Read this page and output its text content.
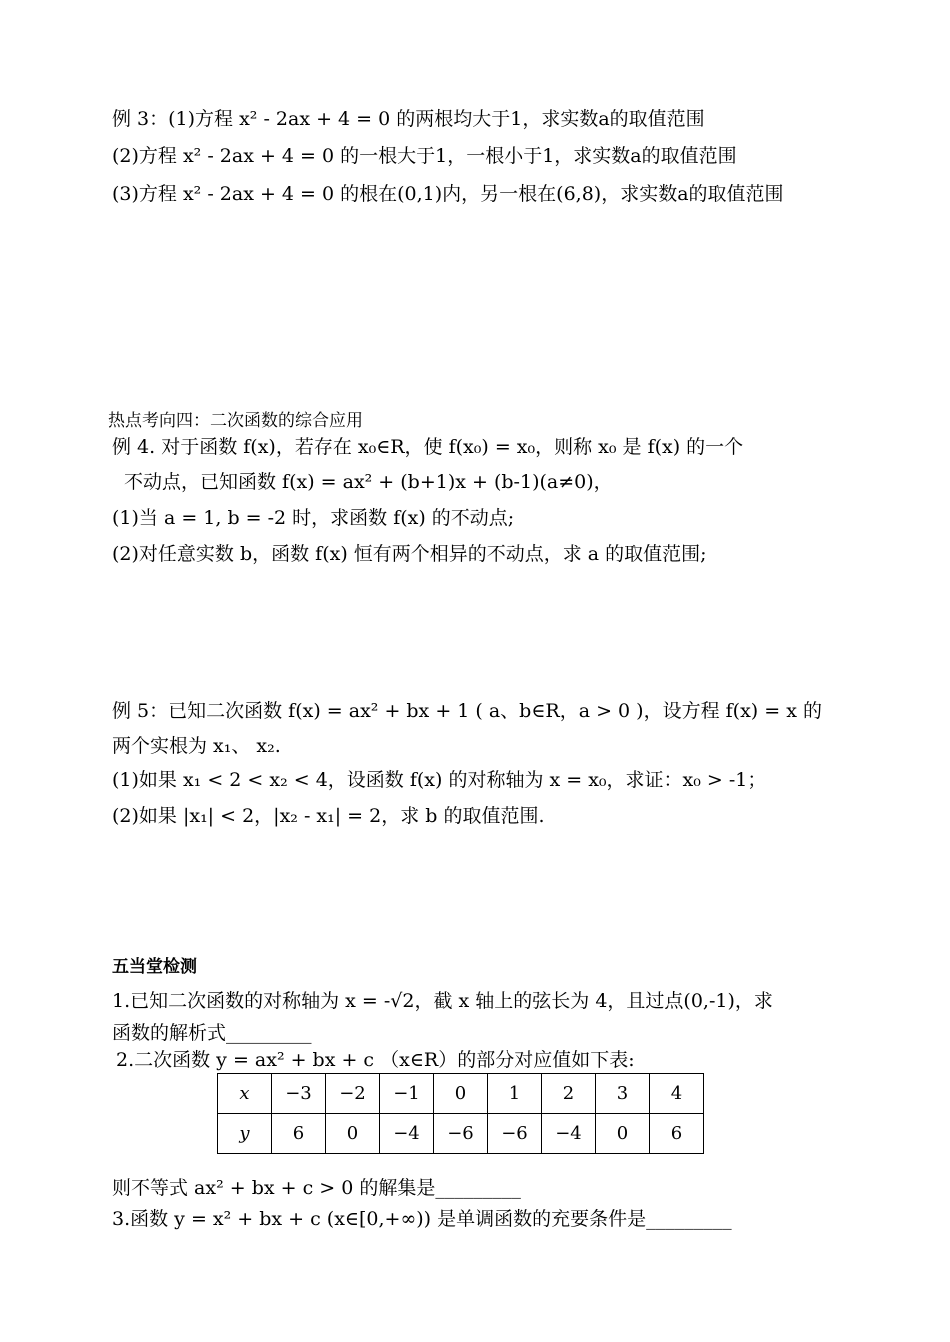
例 3：(1)方程 x² - 2ax + 4 = 0 的两根均大于1，求实数a的取值范围
(2)方程 x² - 2ax + 4 = 0 的一根大于1，一根小于1，求实数a的取值范围
(3)方程 x² - 2ax + 4 = 0 的根在(0,1)内，另一根在(6,8)，求实数a的取值范围
热点考向四：二次函数的综合应用
例 4. 对于函数 f(x)，若存在 x₀∈R，使 f(x₀) = x₀，则称 x₀ 是 f(x) 的一个
不动点，已知函数 f(x) = ax² + (b+1)x + (b-1)(a≠0)，
(1)当 a = 1, b = -2 时，求函数 f(x) 的不动点;
(2)对任意实数 b，函数 f(x) 恒有两个相异的不动点，求 a 的取值范围;
例 5：已知二次函数 f(x) = ax² + bx + 1 ( a、b∈R，a > 0 )，设方程 f(x) = x 的
两个实根为 x₁、 x₂.
(1)如果 x₁ < 2 < x₂ < 4，设函数 f(x) 的对称轴为 x = x₀，求证：x₀ > -1；
(2)如果 |x₁| < 2，|x₂ - x₁| = 2，求 b 的取值范围.
五当堂检测
1.已知二次函数的对称轴为 x = -√2，截 x 轴上的弦长为 4，且过点(0,-1)，求
函数的解析式_________
2.二次函数 y = ax² + bx + c （x∈R）的部分对应值如下表:
x	−3	−2	−1	0	1	2	3	4
y	6	0	−4	−6	−6	−4	0	6
则不等式 ax² + bx + c > 0 的解集是_________
3.函数 y = x² + bx + c (x∈[0,+∞)) 是单调函数的充要条件是_________
